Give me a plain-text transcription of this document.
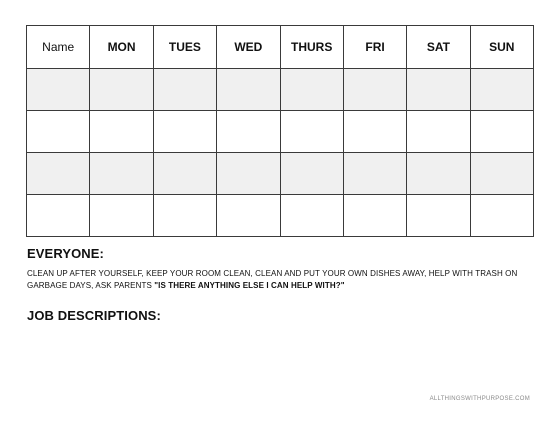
Name	MON	TUES	WED	THURS	FRI	SAT	SUN

EVERYONE:

CLEAN UP AFTER YOURSELF, KEEP YOUR ROOM CLEAN, CLEAN AND PUT YOUR OWN DISHES AWAY, HELP WITH TRASH ON GARBAGE DAYS, ASK PARENTS "IS THERE ANYTHING ELSE I CAN HELP WITH?"

JOB DESCRIPTIONS:
ALLTHINGSWITHPURPOSE.COM
